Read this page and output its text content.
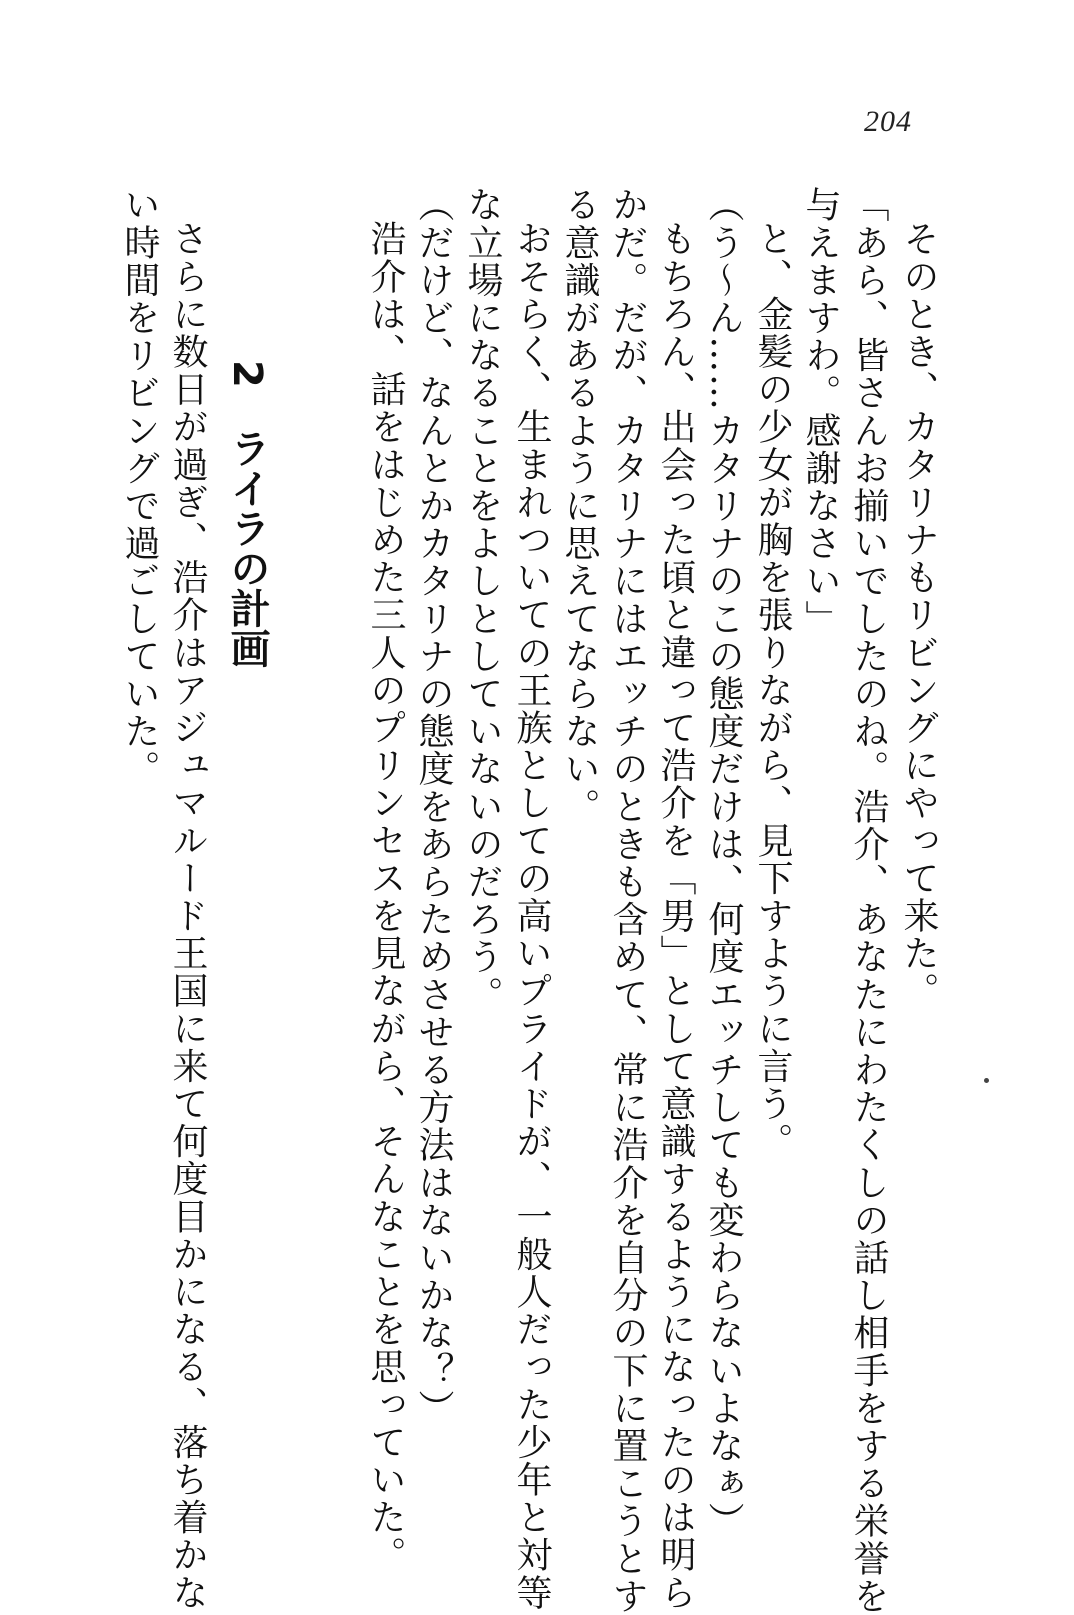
204
そのとき、カタリナもリビングにやって来た。
「あら、皆さんお揃いでしたのね。浩介、あなたにわたくしの話し相手をする栄誉を
与えますわ。感謝なさい」
と、金髪の少女が胸を張りながら、見下すように言う。
（う～ん……カタリナのこの態度だけは、何度エッチしても変わらないよなぁ）
もちろん、出会った頃と違って浩介を「男」として意識するようになったのは明ら
かだ。だが、カタリナにはエッチのときも含めて、常に浩介を自分の下に置こうとす
る意識があるように思えてならない。
おそらく、生まれついての王族としての高いプライドが、一般人だった少年と対等
な立場になることをよしとしていないのだろう。
（だけど、なんとかカタリナの態度をあらためさせる方法はないかな？）
浩介は、話をはじめた三人のプリンセスを見ながら、そんなことを思っていた。
2ライラの計画
さらに数日が過ぎ、浩介はアジュマルード王国に来て何度目かになる、落ち着かな
い時間をリビングで過ごしていた。
